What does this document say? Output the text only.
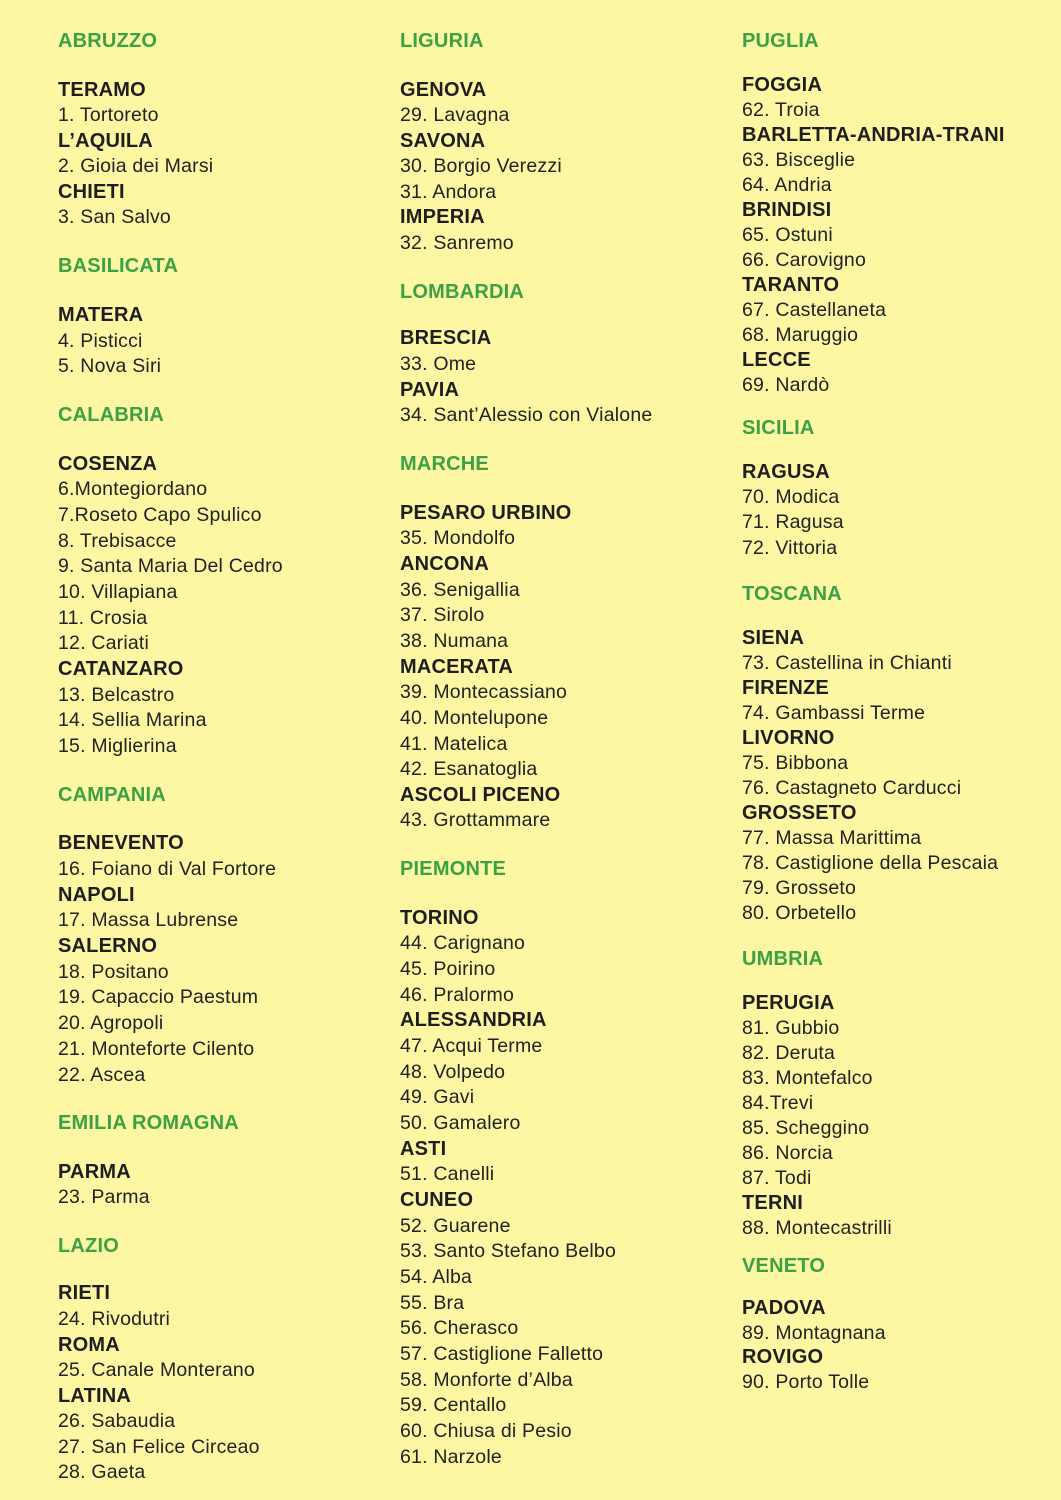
ABRUZZO
TERAMO
1. Tortoreto
L’AQUILA
2. Gioia dei Marsi
CHIETI
3. San Salvo
BASILICATA
MATERA
4. Pisticci
5. Nova Siri
CALABRIA
COSENZA
6.Montegiordano
7.Roseto Capo Spulico
8. Trebisacce
9. Santa Maria Del Cedro
10. Villapiana
11. Crosia
12. Cariati
CATANZARO
13. Belcastro
14. Sellia Marina
15. Miglierina
CAMPANIA
BENEVENTO
16. Foiano di Val Fortore
NAPOLI
17. Massa Lubrense
SALERNO
18. Positano
19. Capaccio Paestum
20. Agropoli
21. Monteforte Cilento
22. Ascea
EMILIA ROMAGNA
PARMA
23. Parma
LAZIO
RIETI
24. Rivodutri
ROMA
25. Canale Monterano
LATINA
26. Sabaudia
27. San Felice Circeao
28. Gaeta
LIGURIA
GENOVA
29. Lavagna
SAVONA
30. Borgio Verezzi
31. Andora
IMPERIA
32. Sanremo
LOMBARDIA
BRESCIA
33. Ome
PAVIA
34. Sant’Alessio con Vialone
MARCHE
PESARO URBINO
35. Mondolfo
ANCONA
36. Senigallia
37. Sirolo
38. Numana
MACERATA
39. Montecassiano
40. Montelupone
41. Matelica
42. Esanatoglia
ASCOLI PICENO
43. Grottammare
PIEMONTE
TORINO
44. Carignano
45. Poirino
46. Pralormo
ALESSANDRIA
47. Acqui Terme
48. Volpedo
49. Gavi
50. Gamalero
ASTI
51. Canelli
CUNEO
52. Guarene
53. Santo Stefano Belbo
54. Alba
55. Bra
56. Cherasco
57. Castiglione Falletto
58. Monforte d’Alba
59. Centallo
60. Chiusa di Pesio
61. Narzole
PUGLIA
FOGGIA
62. Troia
BARLETTA-ANDRIA-TRANI
63. Bisceglie
64. Andria
BRINDISI
65. Ostuni
66. Carovigno
TARANTO
67. Castellaneta
68. Maruggio
LECCE
69. Nardò
SICILIA
RAGUSA
70. Modica
71. Ragusa
72. Vittoria
TOSCANA
SIENA
73. Castellina in Chianti
FIRENZE
74. Gambassi Terme
LIVORNO
75. Bibbona
76. Castagneto Carducci
GROSSETO
77. Massa Marittima
78. Castiglione della Pescaia
79. Grosseto
80. Orbetello
UMBRIA
PERUGIA
81. Gubbio
82. Deruta
83. Montefalco
84.Trevi
85. Scheggino
86. Norcia
87. Todi
TERNI
88. Montecastrilli
VENETO
PADOVA
89. Montagnana
ROVIGO
90. Porto Tolle
